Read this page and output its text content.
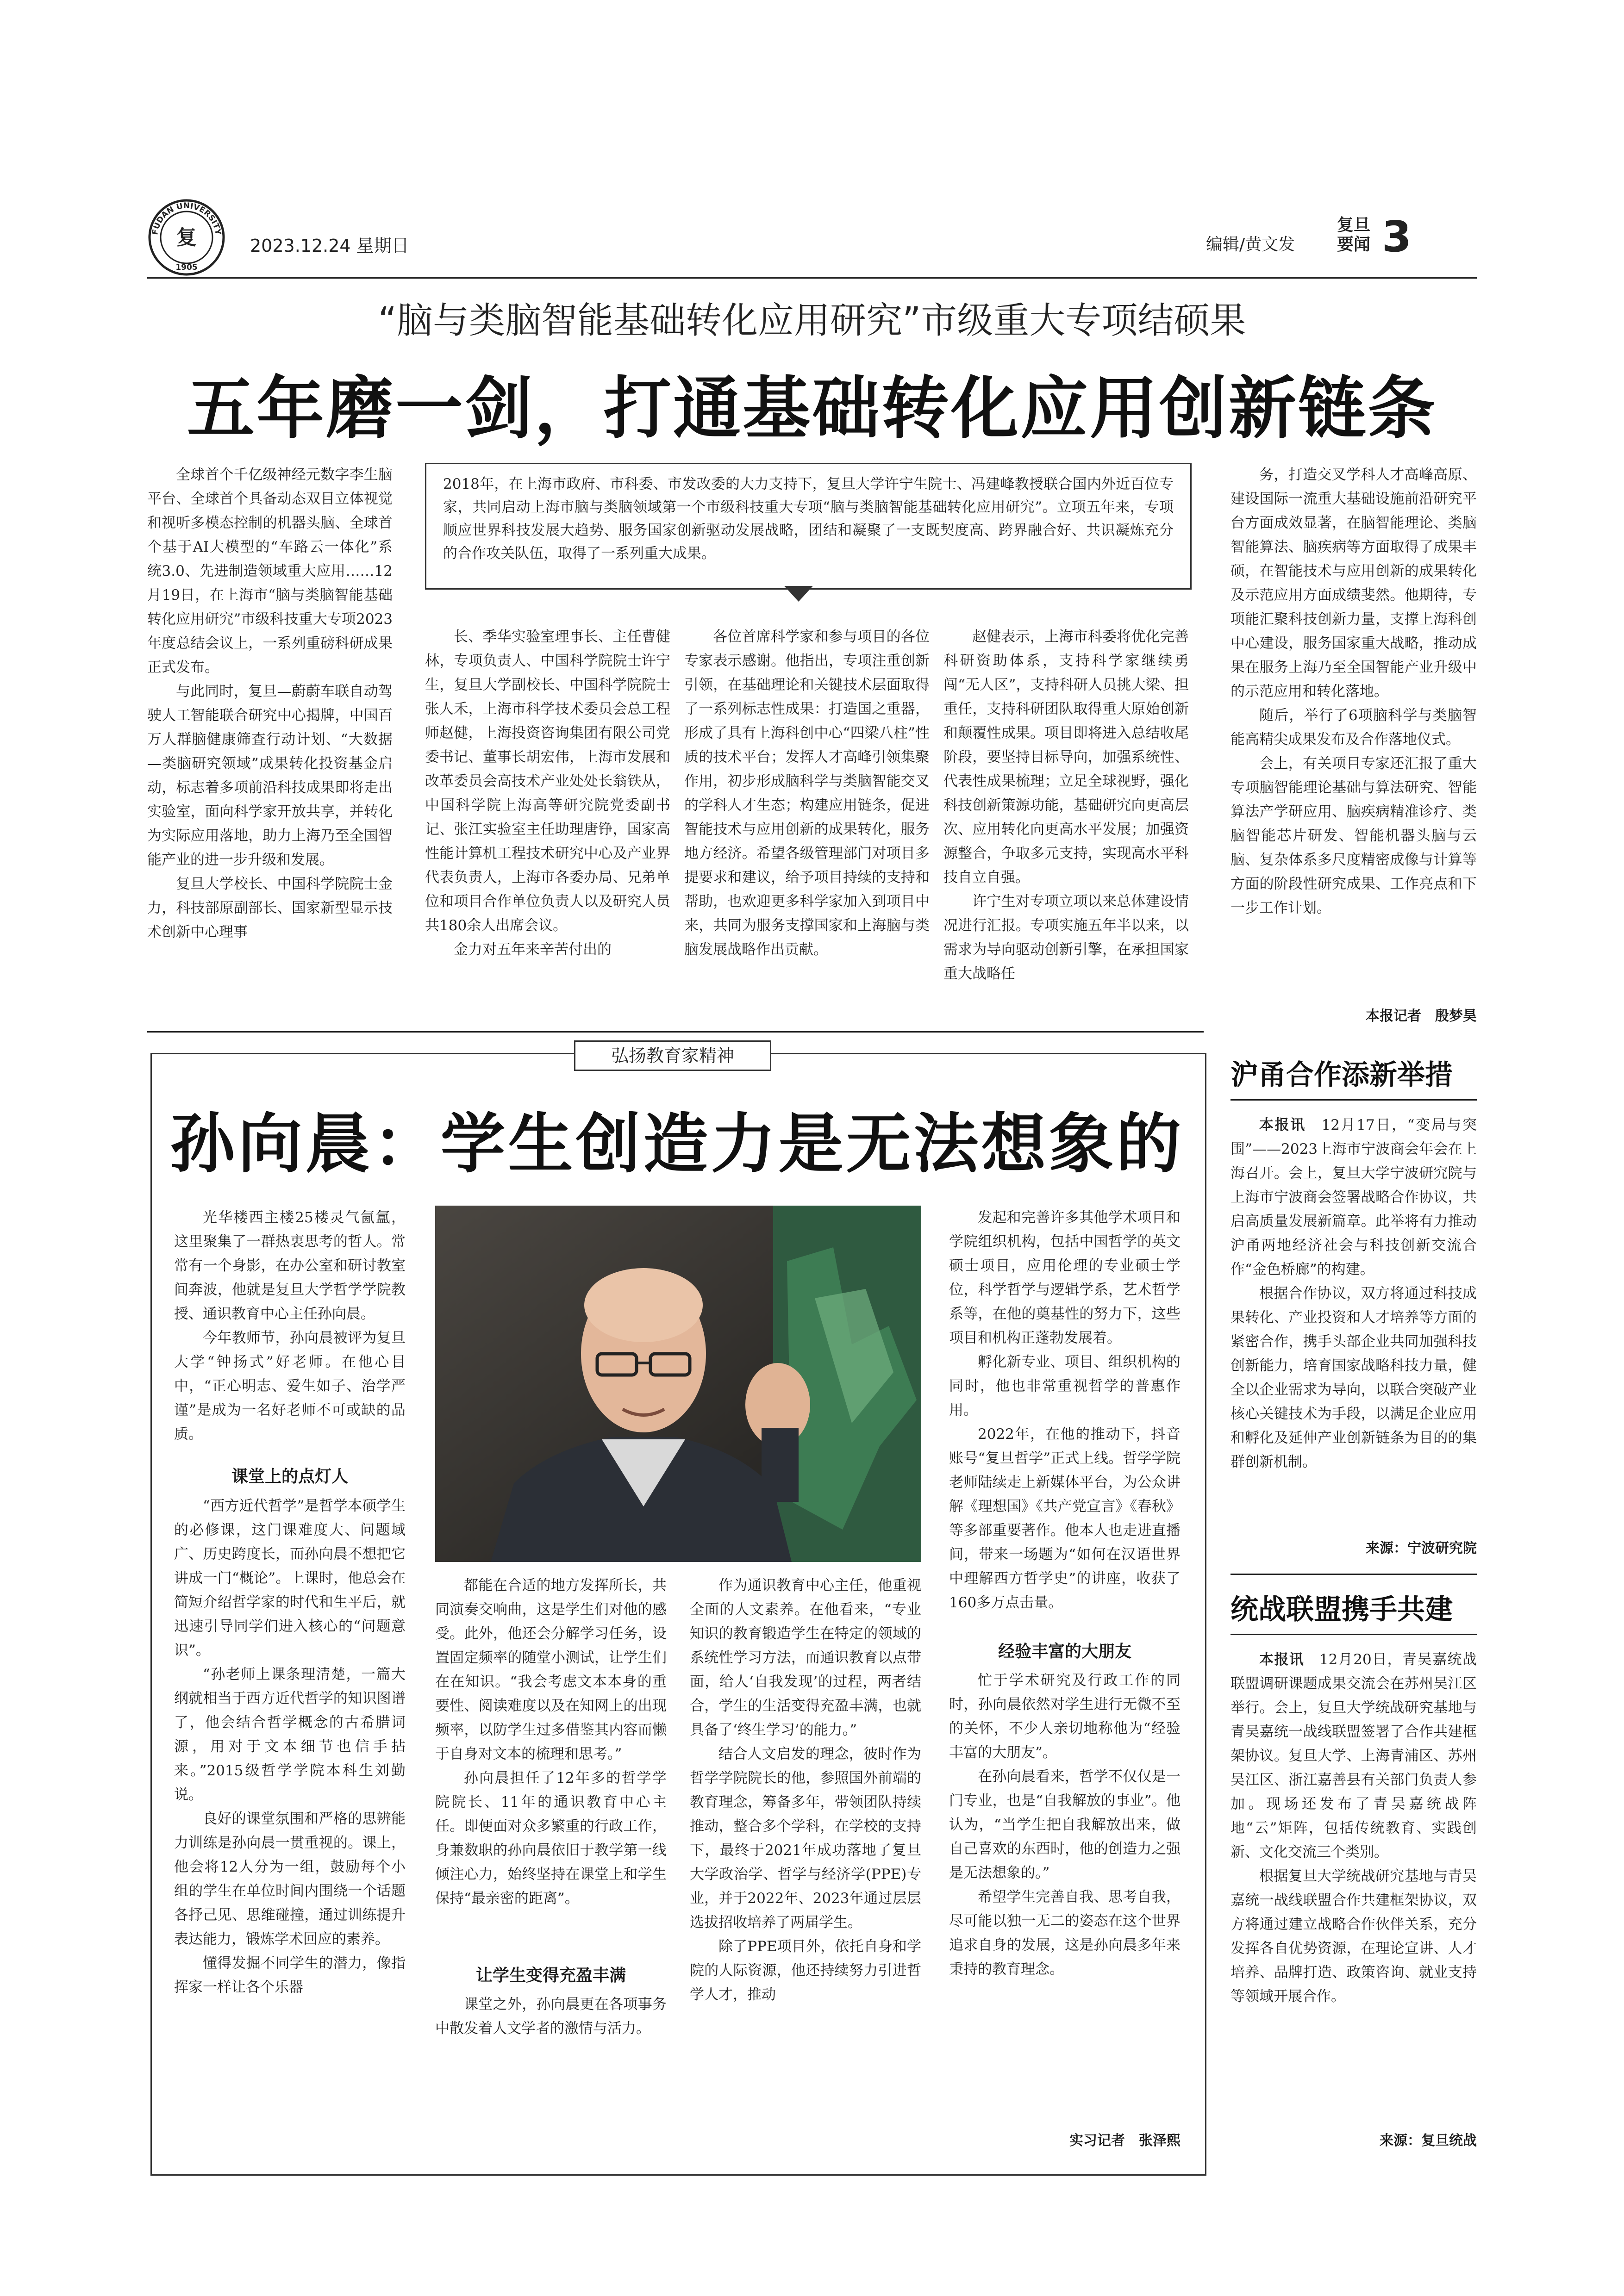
FUDAN UNIVERSITY
复
1905
2023.12.24 星期日	编辑/黄文发
复旦要闻 3
“脑与类脑智能基础转化应用研究”市级重大专项结硕果
五年磨一剑，打通基础转化应用创新链条
2018年，在上海市政府、市科委、市发改委的大力支持下，复旦大学许宁生院士、冯建峰教授联合国内外近百位专家，共同启动上海市脑与类脑领域第一个市级科技重大专项“脑与类脑智能基础转化应用研究”。立项五年来，专项顺应世界科技发展大趋势、服务国家创新驱动发展战略，团结和凝聚了一支既契度高、跨界融合好、共识凝炼充分的合作攻关队伍，取得了一系列重大成果。

全球首个千亿级神经元数字李生脑平台、全球首个具备动态双目立体视觉和视听多模态控制的机器头脑、全球首个基于AI大模型的“车路云一体化”系统3.0、先进制造领域重大应用……12月19日，在上海市“脑与类脑智能基础转化应用研究”市级科技重大专项2023年度总结会议上，一系列重磅科研成果正式发布。

与此同时，复旦—蔚蔚车联自动驾驶人工智能联合研究中心揭牌，中国百万人群脑健康筛查行动计划、“大数据—类脑研究领域”成果转化投资基金启动，标志着多项前沿科技成果即将走出实验室，面向科学家开放共享，并转化为实际应用落地，助力上海乃至全国智能产业的进一步升级和发展。

复旦大学校长、中国科学院院士金力，科技部原副部长、国家新型显示技术创新中心理事

长、季华实验室理事长、主任曹健林，专项负责人、中国科学院院士许宁生，复旦大学副校长、中国科学院院士张人禾，上海市科学技术委员会总工程师赵健，上海投资咨询集团有限公司党委书记、董事长胡宏伟，上海市发展和改革委员会高技术产业处处长翁铁从，中国科学院上海高等研究院党委副书记、张江实验室主任助理唐铮，国家高性能计算机工程技术研究中心及产业界代表负责人，上海市各委办局、兄弟单位和项目合作单位负责人以及研究人员共180余人出席会议。

金力对五年来辛苦付出的

各位首席科学家和参与项目的各位专家表示感谢。他指出，专项注重创新引领，在基础理论和关键技术层面取得了一系列标志性成果：打造国之重器，形成了具有上海科创中心“四梁八柱”性质的技术平台；发挥人才高峰引领集聚作用，初步形成脑科学与类脑智能交叉的学科人才生态；构建应用链条，促进智能技术与应用创新的成果转化，服务地方经济。希望各级管理部门对项目多提要求和建议，给予项目持续的支持和帮助，也欢迎更多科学家加入到项目中来，共同为服务支撑国家和上海脑与类脑发展战略作出贡献。

赵健表示，上海市科委将优化完善科研资助体系，支持科学家继续勇闯“无人区”，支持科研人员挑大梁、担重任，支持科研团队取得重大原始创新和颠覆性成果。项目即将进入总结收尾阶段，要坚持目标导向，加强系统性、代表性成果梳理；立足全球视野，强化科技创新策源功能，基础研究向更高层次、应用转化向更高水平发展；加强资源整合，争取多元支持，实现高水平科技自立自强。

许宁生对专项立项以来总体建设情况进行汇报。专项实施五年半以来，以需求为导向驱动创新引擎，在承担国家重大战略任

务，打造交叉学科人才高峰高原、建设国际一流重大基础设施前沿研究平台方面成效显著，在脑智能理论、类脑智能算法、脑疾病等方面取得了成果丰硕，在智能技术与应用创新的成果转化及示范应用方面成绩斐然。他期待，专项能汇聚科技创新力量，支撑上海科创中心建设，服务国家重大战略，推动成果在服务上海乃至全国智能产业升级中的示范应用和转化落地。

随后，举行了6项脑科学与类脑智能高精尖成果发布及合作落地仪式。

会上，有关项目专家还汇报了重大专项脑智能理论基础与算法研究、智能算法产学研应用、脑疾病精准诊疗、类脑智能芯片研发、智能机器头脑与云脑、复杂体系多尺度精密成像与计算等方面的阶段性研究成果、工作亮点和下一步工作计划。

本报记者　殷梦昊
弘扬教育家精神
孙向晨：学生创造力是无法想象的

光华楼西主楼25楼灵气氤氲，这里聚集了一群热衷思考的哲人。常常有一个身影，在办公室和研讨教室间奔波，他就是复旦大学哲学学院教授、通识教育中心主任孙向晨。

今年教师节，孙向晨被评为复旦大学“钟扬式”好老师。在他心目中，“正心明志、爱生如子、治学严谨”是成为一名好老师不可或缺的品质。

课堂上的点灯人

“西方近代哲学”是哲学本硕学生的必修课，这门课难度大、问题域广、历史跨度长，而孙向晨不想把它讲成一门“概论”。上课时，他总会在简短介绍哲学家的时代和生平后，就迅速引导同学们进入核心的“问题意识”。

“孙老师上课条理清楚，一篇大纲就相当于西方近代哲学的知识图谱了，他会结合哲学概念的古希腊词源，用对于文本细节也信手拈来。”2015级哲学学院本科生刘勤说。

良好的课堂氛围和严格的思辨能力训练是孙向晨一贯重视的。课上，他会将12人分为一组，鼓励每个小组的学生在单位时间内围绕一个话题各抒己见、思维碰撞，通过训练提升表达能力，锻炼学术回应的素养。

懂得发掘不同学生的潜力，像指挥家一样让各个乐器

都能在合适的地方发挥所长，共同演奏交响曲，这是学生们对他的感受。此外，他还会分解学习任务，设置固定频率的随堂小测试，让学生们在在知识。“我会考虑文本本身的重要性、阅读难度以及在知网上的出现频率，以防学生过多借鉴其内容而懒于自身对文本的梳理和思考。”

孙向晨担任了12年多的哲学学院院长、11年的通识教育中心主任。即便面对众多繁重的行政工作，身兼数职的孙向晨依旧于教学第一线倾注心力，始终坚持在课堂上和学生保持“最亲密的距离”。

让学生变得充盈丰满

课堂之外，孙向晨更在各项事务中散发着人文学者的激情与活力。

作为通识教育中心主任，他重视全面的人文素养。在他看来，“专业知识的教育锻造学生在特定的领域的系统性学习方法，而通识教育以点带面，给人‘自我发现’的过程，两者结合，学生的生活变得充盈丰满，也就具备了‘终生学习’的能力。”

结合人文启发的理念，彼时作为哲学学院院长的他，参照国外前端的教育理念，筹备多年，带领团队持续推动，整合多个学科，在学校的支持下，最终于2021年成功落地了复旦大学政治学、哲学与经济学(PPE)专业，并于2022年、2023年通过层层选拔招收培养了两届学生。

除了PPE项目外，依托自身和学院的人际资源，他还持续努力引进哲学人才，推动

发起和完善许多其他学术项目和学院组织机构，包括中国哲学的英文硕士项目，应用伦理的专业硕士学位，科学哲学与逻辑学系，艺术哲学系等，在他的奠基性的努力下，这些项目和机构正蓬勃发展着。

孵化新专业、项目、组织机构的同时，他也非常重视哲学的普惠作用。

2022年，在他的推动下，抖音账号“复旦哲学”正式上线。哲学学院老师陆续走上新媒体平台，为公众讲解《理想国》《共产党宣言》《春秋》等多部重要著作。他本人也走进直播间，带来一场题为“如何在汉语世界中理解西方哲学史”的讲座，收获了160多万点击量。

经验丰富的大朋友

忙于学术研究及行政工作的同时，孙向晨依然对学生进行无微不至的关怀，不少人亲切地称他为“经验丰富的大朋友”。

在孙向晨看来，哲学不仅仅是一门专业，也是“自我解放的事业”。他认为，“当学生把自我解放出来，做自己喜欢的东西时，他的创造力之强是无法想象的。”

希望学生完善自我、思考自我，尽可能以独一无二的姿态在这个世界追求自身的发展，这是孙向晨多年来秉持的教育理念。

实习记者　张泽熙
沪甬合作添新举措

本报讯　 12月17日，“变局与突围”——2023上海市宁波商会年会在上海召开。会上，复旦大学宁波研究院与上海市宁波商会签署战略合作协议，共启高质量发展新篇章。此举将有力推动沪甬两地经济社会与科技创新交流合作“金色桥廊”的构建。

根据合作协议，双方将通过科技成果转化、产业投资和人才培养等方面的紧密合作，携手头部企业共同加强科技创新能力，培育国家战略科技力量，健全以企业需求为导向，以联合突破产业核心关键技术为手段，以满足企业应用和孵化及延伸产业创新链条为目的的集群创新机制。

来源：宁波研究院
统战联盟携手共建

本报讯　 12月20日，青吴嘉统战联盟调研课题成果交流会在苏州吴江区举行。会上，复旦大学统战研究基地与青吴嘉统一战线联盟签署了合作共建框架协议。复旦大学、上海青浦区、苏州吴江区、浙江嘉善县有关部门负责人参加。现场还发布了青吴嘉统战阵地“云”矩阵，包括传统教育、实践创新、文化交流三个类别。

根据复旦大学统战研究基地与青吴嘉统一战线联盟合作共建框架协议，双方将通过建立战略合作伙伴关系，充分发挥各自优势资源，在理论宣讲、人才培养、品牌打造、政策咨询、就业支持等领域开展合作。

来源：复旦统战
